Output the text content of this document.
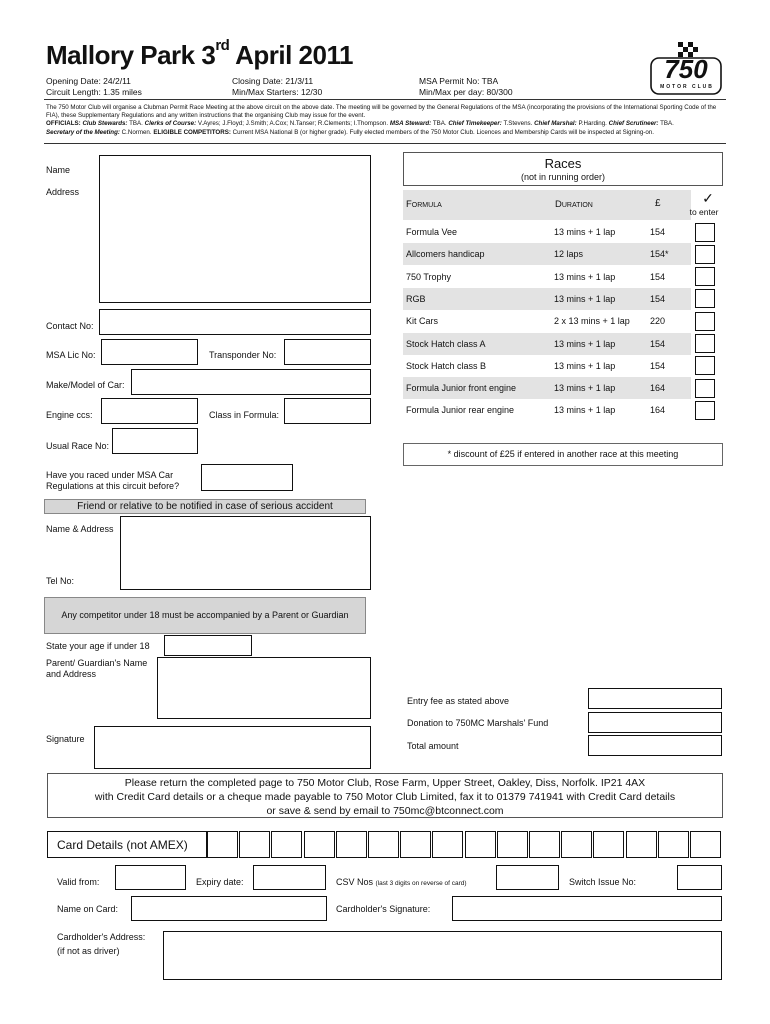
Mallory Park 3rd April 2011	750
MOTOR CLUB
Opening Date: 24/2/11
Circuit Length: 1.35 miles
Closing Date: 21/3/11
Min/Max Starters: 12/30
MSA Permit No: TBA
Min/Max per day: 80/300
The 750 Motor Club will organise a Clubman Permit Race Meeting at the above circuit on the above date. The meeting will be governed by the General Regulations of the MSA (incorporating the provisions of the International Sporting Code of the FIA), these Supplementary Regulations and any written instructions that the organising Club may issue for the event.
OFFICIALS: Club Stewards: TBA. Clerks of Course: V.Ayres; J.Floyd; J.Smith; A.Cox; N.Tanser; R.Clements; I.Thompson. MSA Steward: TBA. Chief Timekeeper: T.Stevens. Chief Marshal: P.Harding. Chief Scrutineer: TBA.
Secretary of the Meeting: C.Normen. ELIGIBLE COMPETITORS: Current MSA National B (or higher grade). Fully elected members of the 750 Motor Club. Licences and Membership Cards will be inspected at Signing-on.
Name
Address
Contact No:
MSA Lic No:	Transponder No:
Make/Model of Car:
Engine ccs:	Class in Formula:
Usual Race No:
Have you raced under MSA Car
Regulations at this circuit before?
Friend or relative to be notified in case of serious accident
Name & Address
Tel No:
Any competitor under 18 must be accompanied by a Parent or Guardian
State your age if under 18
Parent/ Guardian's Name
and Address
Signature
Races
(not in running order)
Formula	Duration	£	✓
to enter
Formula Vee	13 mins + 1 lap	154
Allcomers handicap	12 laps	154*
750 Trophy	13 mins + 1 lap	154
RGB	13 mins + 1 lap	154
Kit Cars	2 x 13 mins + 1 lap 220
Stock Hatch class A	13 mins + 1 lap	154
Stock Hatch class B	13 mins + 1 lap	154
Formula Junior front engine	13 mins + 1 lap	164
Formula Junior rear engine	13 mins + 1 lap	164
* discount of £25 if entered in another race at this meeting
Entry fee as stated above
Donation to 750MC Marshals' Fund
Total amount
Please return the completed page to 750 Motor Club, Rose Farm, Upper Street, Oakley, Diss, Norfolk. IP21 4AX
with Credit Card details or a cheque made payable to 750 Motor Club Limited, fax it to 01379 741941 with Credit Card details
or save & send by email to 750mc@btconnect.com
Card Details (not AMEX)
Valid from:	Expiry date:	CSV Nos (last 3 digits on reverse of card)	Switch Issue No:
Name on Card:	Cardholder's Signature:
Cardholder's Address:
(if not as driver)
